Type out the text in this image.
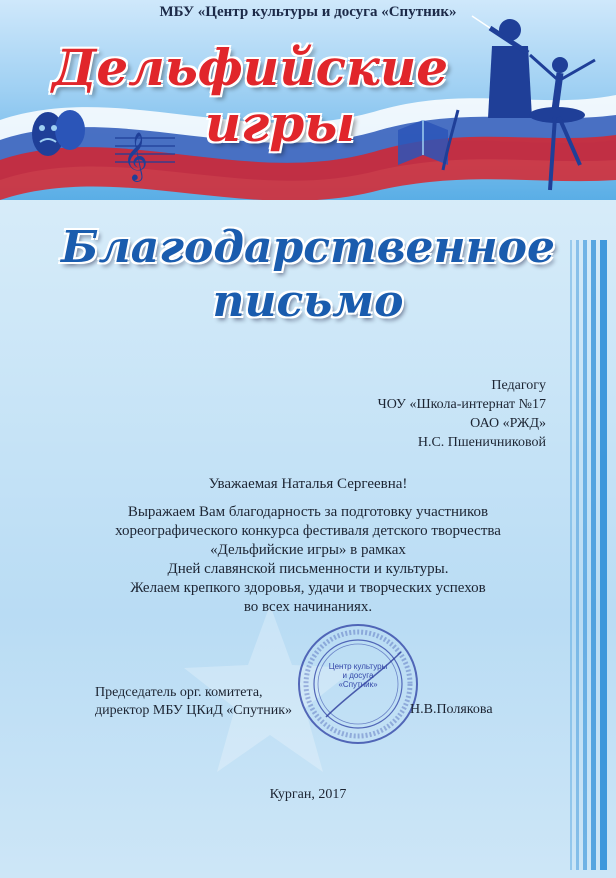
𝄞
МБУ «Центр культуры и досуга «Спутник»
Дельфийские
игры
Благодарственное
письмо
Педагогу
ЧОУ «Школа-интернат №17
ОАО «РЖД»
Н.С. Пшеничниковой
Уважаемая Наталья Сергеевна!
Выражаем Вам благодарность за подготовку участников
хореографического конкурса фестиваля детского творчества
«Дельфийские игры» в рамках
Дней славянской письменности и культуры.
Желаем крепкого здоровья, удачи и творческих успехов
во всех начинаниях.
Центр культуры и досуга «Спутник»
Председатель орг. комитета,
директор МБУ ЦКиД «Спутник»	Н.В.Полякова
Курган, 2017
